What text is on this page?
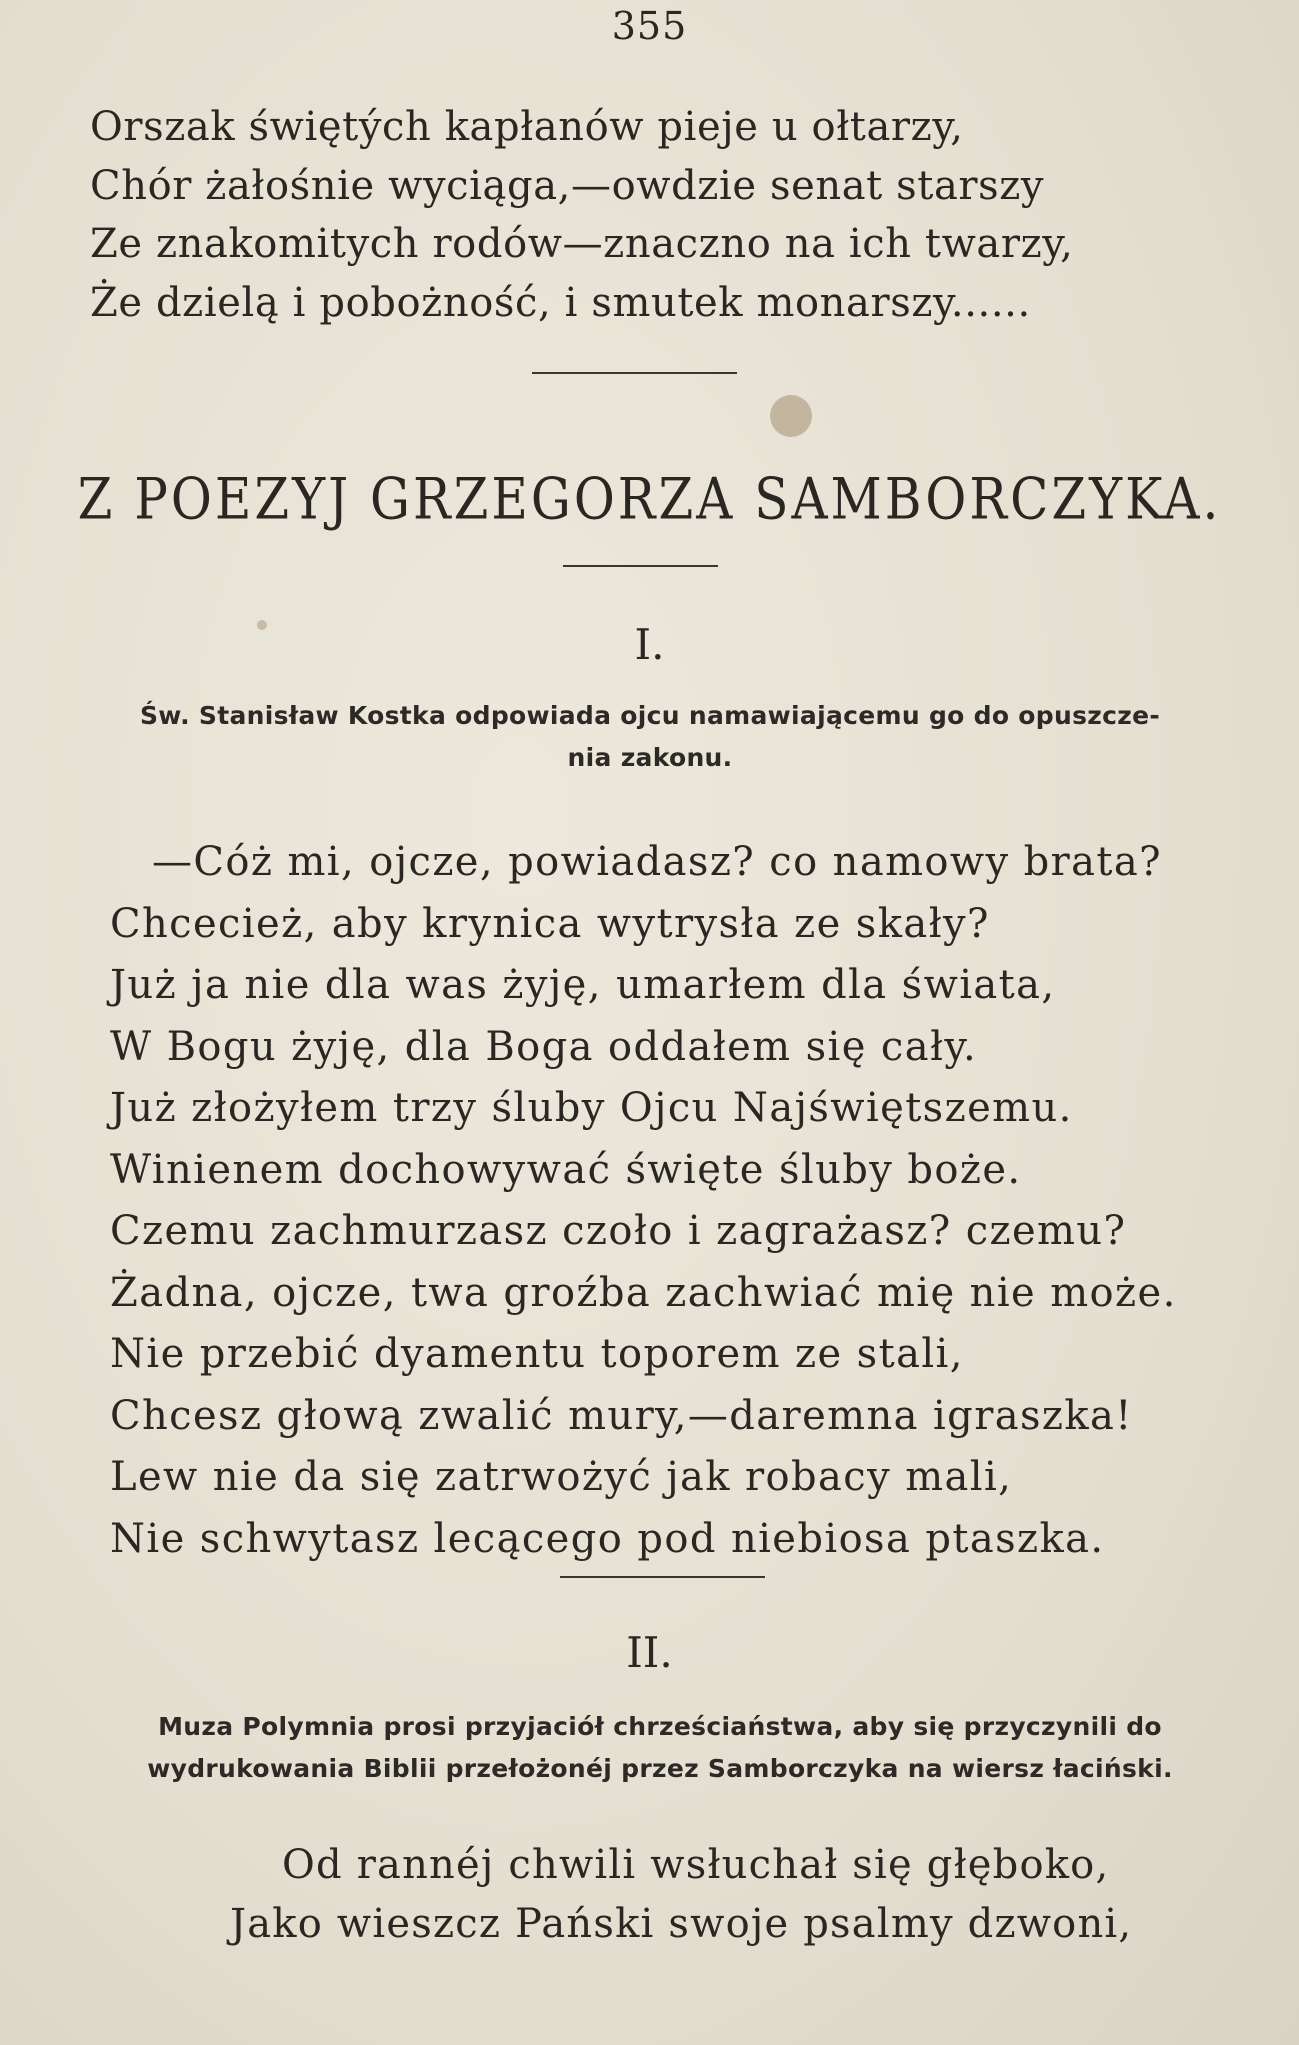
355
Orszak świętých kapłanów pieje u ołtarzy,
Chór żałośnie wyciąga,—owdzie senat starszy
Ze znakomitych rodów—znaczno na ich twarzy,
Że dzielą i pobożność, i smutek monarszy......
Z POEZYJ GRZEGORZA SAMBORCZYKA.
I.
Św. Stanisław Kostka odpowiada ojcu namawiającemu go do opuszcze-
nia zakonu.
—Cóż mi, ojcze, powiadasz? co namowy brata?
Chcecież, aby krynica wytrysła ze skały?
Już ja nie dla was żyję, umarłem dla świata,
W Bogu żyję, dla Boga oddałem się cały.
Już złożyłem trzy śluby Ojcu Najświętszemu.
Winienem dochowywać święte śluby boże.
Czemu zachmurzasz czoło i zagrażasz? czemu?
Żadna, ojcze, twa groźba zachwiać mię nie może.
Nie przebić dyamentu toporem ze stali,
Chcesz głową zwalić mury,—daremna igraszka!
Lew nie da się zatrwożyć jak robacy mali,
Nie schwytasz lecącego pod niebiosa ptaszka.
II.
Muza Polymnia prosi przyjaciół chrześciaństwa, aby się przyczynili do
wydrukowania Biblii przełożonéj przez Samborczyka na wiersz łaciński.
Od rannéj chwili wsłuchał się głęboko,
Jako wieszcz Pański swoje psalmy dzwoni,
